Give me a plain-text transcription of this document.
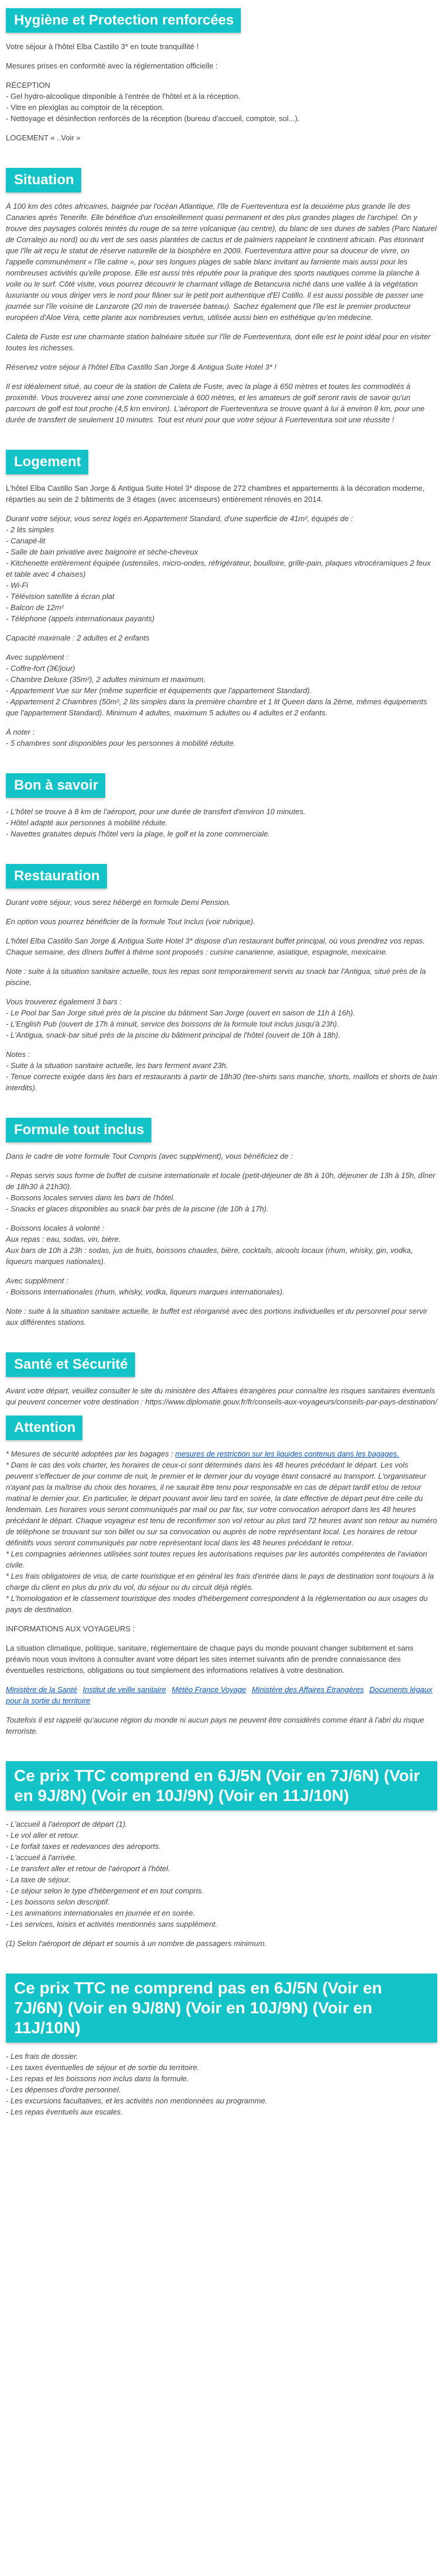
Hygiène et Protection renforcées

Votre séjour à l'hôtel Elba Castillo 3* en toute tranquillité !

Mesures prises en conformité avec la réglementation officielle :

RÉCEPTION
- Gel hydro-alcoolique disponible à l'entrée de l'hôtel et à la réception.
- Vitre en plexiglas au comptoir de la réception.
- Nettoyage et désinfection renforcés de la réception (bureau d'accueil, comptoir, sol...).

LOGEMENT « ..Voir »

Situation

À 100 km des côtes africaines, baignée par l'océan Atlantique, l'île de Fuerteventura est la deuxième plus grande île des Canaries après Tenerife. Elle bénéficie d'un ensoleillement quasi permanent et des plus grandes plages de l'archipel. On y trouve des paysages colorés teintés du rouge de sa terre volcanique (au centre), du blanc de ses dunes de sables (Parc Naturel de Corralejo au nord) ou du vert de ses oasis plantées de cactus et de palmiers rappelant le continent africain. Pas étonnant que l'île ait reçu le statut de réserve naturelle de la biosphère en 2009. Fuerteventura attire pour sa douceur de vivre, on l'appelle communément « l'île calme », pour ses longues plages de sable blanc invitant au farniente mais aussi pour les nombreuses activités qu'elle propose. Elle est aussi très réputée pour la pratique des sports nautiques comme la planche à voile ou le surf. Côté visite, vous pourrez découvrir le charmant village de Betancuria niché dans une vallée à la végétation luxuriante ou vous diriger vers le nord pour flâner sur le petit port authentique d'El Cotillo. Il est aussi possible de passer une journée sur l'île voisine de Lanzarote (20 min de traversée bateau). Sachez également que l'île est le premier producteur européen d'Aloe Vera, cette plante aux nombreuses vertus, utilisée aussi bien en esthétique qu'en médecine.

Caleta de Fuste est une charmante station balnéaire située sur l'île de Fuerteventura, dont elle est le point idéal pour en visiter toutes les richesses.

Réservez votre séjour à l'hôtel Elba Castillo San Jorge & Antigua Suite Hotel 3* !

Il est idéalement situé, au coeur de la station de Caleta de Fuste, avec la plage à 650 mètres et toutes les commodités à proximité. Vous trouverez ainsi une zone commerciale à 600 mètres, et les amateurs de golf seront ravis de savoir qu'un parcours de golf est tout proche (4,5 km environ). L'aéroport de Fuerteventura se trouve quant à lui à environ 8 km, pour une durée de transfert de seulement 10 minutes. Tout est réuni pour que votre séjour à Fuerteventura soit une réussite !

Logement

L'hôtel Elba Castillo San Jorge & Antigua Suite Hotel 3* dispose de 272 chambres et appartements à la décoration moderne, réparties au sein de 2 bâtiments de 3 étages (avec ascenseurs) entièrement rénovés en 2014.

Durant votre séjour, vous serez logés en Appartement Standard, d'une superficie de 41m², équipés de :
- 2 lits simples
- Canapé-lit
- Salle de bain privative avec baignoire et sèche-cheveux
- Kitchenette entièrement équipée (ustensiles, micro-ondes, réfrigérateur, bouilloire, grille-pain, plaques vitrocéramiques 2 feux et table avec 4 chaises)
- Wi-Fi
- Télévision satellite à écran plat
- Balcon de 12m²
- Téléphone (appels internationaux payants)

Capacité maximale : 2 adultes et 2 enfants

Avec supplément :
- Coffre-fort (3€/jour)
- Chambre Deluxe (35m²), 2 adultes minimum et maximum.
- Appartement Vue sur Mer (même superficie et équipements que l'appartement Standard).
- Appartement 2 Chambres (50m², 2 lits simples dans la première chambre et 1 lit Queen dans la 2ème, mêmes équipements que l'appartement Standard). Minimum 4 adultes, maximum 5 adultes ou 4 adultes et 2 enfants.

À noter :
- 5 chambres sont disponibles pour les personnes à mobilité réduite.

Bon à savoir

- L'hôtel se trouve à 8 km de l'aéroport, pour une durée de transfert d'environ 10 minutes.
- Hôtel adapté aux personnes à mobilité réduite.
- Navettes gratuites depuis l'hôtel vers la plage, le golf et la zone commerciale.

Restauration

Durant votre séjour, vous serez hébergé en formule Demi Pension.

En option vous pourrez bénéficier de la formule Tout Inclus (voir rubrique).

L'hôtel Elba Castillo San Jorge & Antigua Suite Hotel 3* dispose d'un restaurant buffet principal, où vous prendrez vos repas. Chaque semaine, des dîners buffet à thème sont proposés : cuisine canarienne, asiatique, espagnole, mexicaine.

Note : suite à la situation sanitaire actuelle, tous les repas sont temporairement servis au snack bar l'Antigua, situé près de la piscine.

Vous trouverez également 3 bars :
- Le Pool bar San Jorge situé près de la piscine du bâtiment San Jorge (ouvert en saison de 11h à 16h).
- L'English Pub (ouvert de 17h à minuit, service des boissons de la formule tout inclus jusqu'à 23h).
- L'Antigua, snack-bar situé près de la piscine du bâtiment principal de l'hôtel (ouvert de 10h à 18h).

Notes :
- Suite à la situation sanitaire actuelle, les bars ferment avant 23h.
- Tenue correcte exigée dans les bars et restaurants à partir de 18h30 (tee-shirts sans manche, shorts, maillots et shorts de bain interdits).

Formule tout inclus

Dans le cadre de votre formule Tout Compris (avec supplément), vous bénéficiez de :

- Repas servis sous forme de buffet de cuisine internationale et locale (petit-déjeuner de 8h à 10h, déjeuner de 13h à 15h, dîner de 18h30 à 21h30).
- Boissons locales servies dans les bars de l'hôtel.
- Snacks et glaces disponibles au snack bar près de la piscine (de 10h à 17h).

- Boissons locales à volonté :
Aux repas : eau, sodas, vin, bière.
Aux bars de 10h à 23h : sodas, jus de fruits, boissons chaudes, bière, cocktails, alcools locaux (rhum, whisky, gin, vodka, liqueurs marques nationales).

Avec supplément :
- Boissons internationales (rhum, whisky, vodka, liqueurs marques internationales).

Note : suite à la situation sanitaire actuelle, le buffet est réorganisé avec des portions individuelles et du personnel pour servir aux différentes stations.

Santé et Sécurité

Avant votre départ, veuillez consulter le site du ministère des Affaires étrangères pour connaître les risques sanitaires éventuels qui peuvent concerner votre destination : https://www.diplomatie.gouv.fr/fr/conseils-aux-voyageurs/conseils-par-pays-destination/

Attention

* Mesures de sécurité adoptées par les bagages : mesures de restriction sur les liquides contenus dans les bagages.
* Dans le cas des vols charter, les horaires de ceux-ci sont déterminés dans les 48 heures précédant le départ. Les vols peuvent s'effectuer de jour comme de nuit, le premier et le dernier jour du voyage étant consacré au transport. L'organisateur n'ayant pas la maîtrise du choix des horaires, il ne saurait être tenu pour responsable en cas de départ tardif et/ou de retour matinal le dernier jour. En particulier, le départ pouvant avoir lieu tard en soirée, la date effective de départ peut être celle du lendemain. Les horaires vous seront communiqués par mail ou par fax, sur votre convocation aéroport dans les 48 heures précédant le départ. Chaque voyageur est tenu de reconfirmer son vol retour au plus tard 72 heures avant son retour au numéro de téléphone se trouvant sur son billet ou sur sa convocation ou auprès de notre représentant local. Les horaires de retour définitifs vous seront communiqués par notre représentant local dans les 48 heures précédant le retour.
* Les compagnies aériennes utilisées sont toutes reçues les autorisations requises par les autorités compétentes de l'aviation civile.
* Les frais obligatoires de visa, de carte touristique et en général les frais d'entrée dans le pays de destination sont toujours à la charge du client en plus du prix du vol, du séjour ou du circuit déjà réglés.
* L'homologation et le classement touristique des modes d'hébergement correspondent à la réglementation ou aux usages du pays de destination.

INFORMATIONS AUX VOYAGEURS :

La situation climatique, politique, sanitaire, réglementaire de chaque pays du monde pouvant changer subitement et sans préavis nous vous invitons à consulter avant votre départ les sites internet suivants afin de prendre connaissance des éventuelles restrictions, obligations ou tout simplement des informations relatives à votre destination.

Ministère de la Santé Institut de veille sanitaire Météo France Voyage Ministère des Affaires Étrangères Documents légaux pour la sortie du territoire

Toutefois il est rappelé qu'aucune région du monde ni aucun pays ne peuvent être considérés comme étant à l'abri du risque terroriste.

Ce prix TTC comprend en 6J/5N (Voir en 7J/6N) (Voir en 9J/8N) (Voir en 10J/9N) (Voir en 11J/10N)

- L'accueil à l'aéroport de départ (1).
- Le vol aller et retour.
- Le forfait taxes et redevances des aéroports.
- L'accueil à l'arrivée.
- Le transfert aller et retour de l'aéroport à l'hôtel.
- La taxe de séjour.
- Le séjour selon le type d'hébergement et en tout compris.
- Les boissons selon descriptif.
- Les animations internationales en journée et en soirée.
- Les services, loisirs et activités mentionnés sans supplément.

(1) Selon l'aéroport de départ et soumis à un nombre de passagers minimum.

Ce prix TTC ne comprend pas en 6J/5N (Voir en 7J/6N) (Voir en 9J/8N) (Voir en 10J/9N) (Voir en 11J/10N)

- Les frais de dossier.
- Les taxes éventuelles de séjour et de sortie du territoire.
- Les repas et les boissons non inclus dans la formule.
- Les dépenses d'ordre personnel.
- Les excursions facultatives, et les activités non mentionnées au programme.
- Les repas éventuels aux escales.
